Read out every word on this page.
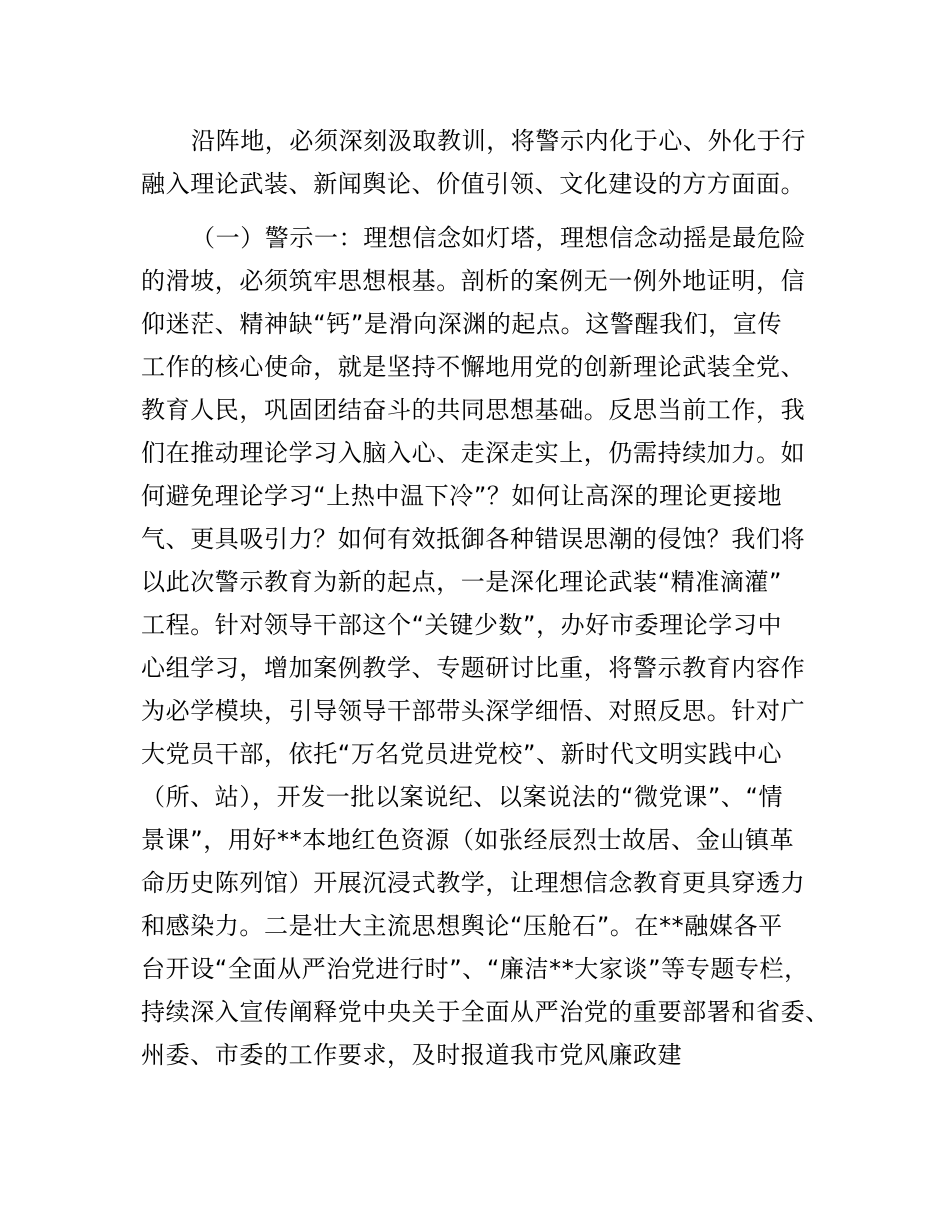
沿阵地，必须深刻汲取教训，将警示内化于心、外化于行
融入理论武装、新闻舆论、价值引领、文化建设的方方面面。

（一）警示一：理想信念如灯塔，理想信念动摇是最危险
的滑坡，必须筑牢思想根基。剖析的案例无一例外地证明，信
仰迷茫、精神缺“钙”是滑向深渊的起点。这警醒我们，宣传
工作的核心使命，就是坚持不懈地用党的创新理论武装全党、
教育人民，巩固团结奋斗的共同思想基础。反思当前工作，我
们在推动理论学习入脑入心、走深走实上，仍需持续加力。如
何避免理论学习“上热中温下冷”？如何让高深的理论更接地
气、更具吸引力？如何有效抵御各种错误思潮的侵蚀？我们将
以此次警示教育为新的起点，一是深化理论武装“精准滴灌”
工程。针对领导干部这个“关键少数”，办好市委理论学习中
心组学习，增加案例教学、专题研讨比重，将警示教育内容作
为必学模块，引导领导干部带头深学细悟、对照反思。针对广
大党员干部，依托“万名党员进党校”、新时代文明实践中心
（所、站），开发一批以案说纪、以案说法的“微党课”、“情
景课”，用好**本地红色资源（如张经辰烈士故居、金山镇革
命历史陈列馆）开展沉浸式教学，让理想信念教育更具穿透力
和感染力。二是壮大主流思想舆论“压舱石”。在**融媒各平
台开设“全面从严治党进行时”、“廉洁**大家谈”等专题专栏，
持续深入宣传阐释党中央关于全面从严治党的重要部署和省委、
州委、市委的工作要求，及时报道我市党风廉政建
